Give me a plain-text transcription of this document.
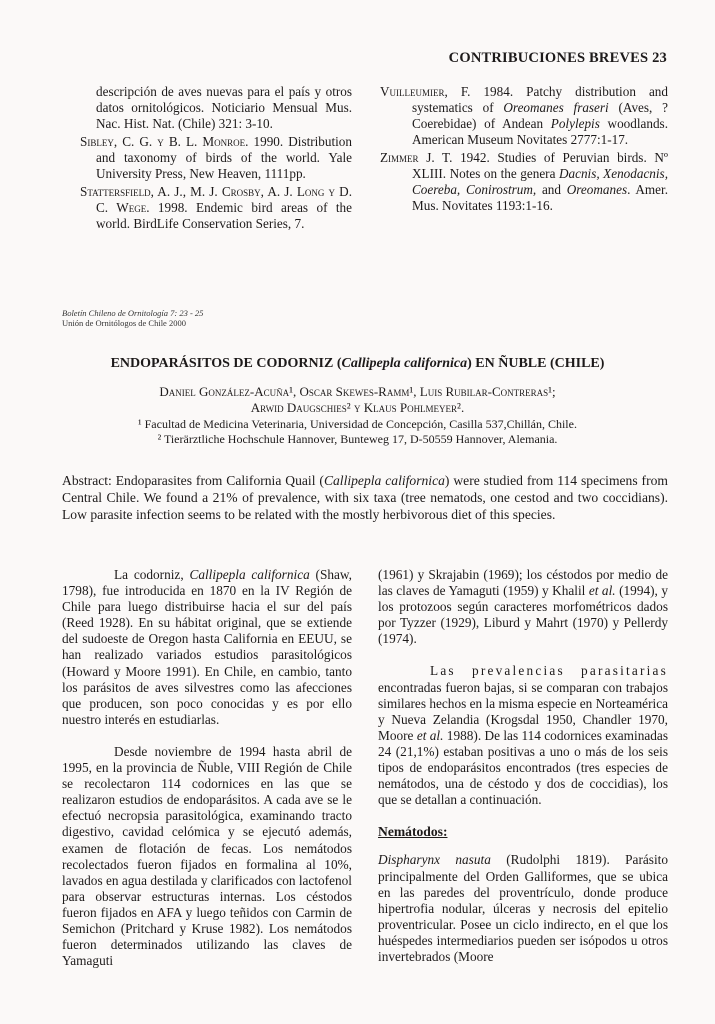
CONTRIBUCIONES BREVES 23

descripción de aves nuevas para el país y otros datos ornitológicos. Noticiario Mensual Mus. Nac. Hist. Nat. (Chile) 321: 3-10.

Sibley, C. G. y B. L. Monroe. 1990. Distribution and taxonomy of birds of the world. Yale University Press, New Heaven, 1111pp.

Stattersfield, A. J., M. J. Crosby, A. J. Long y D. C. Wege. 1998. Endemic bird areas of the world. BirdLife Conservation Series, 7.

Vuilleumier, F. 1984. Patchy distribution and systematics of Oreomanes fraseri (Aves, ?Coerebidae) of Andean Polylepis woodlands. American Museum Novitates 2777:1-17.

Zimmer J. T. 1942. Studies of Peruvian birds. Nº XLIII. Notes on the genera Dacnis, Xenodacnis, Coereba, Conirostrum, and Oreomanes. Amer. Mus. Novitates 1193:1-16.

Boletín Chileno de Ornitología 7: 23 - 25
Unión de Ornitólogos de Chile 2000
ENDOPARÁSITOS DE CODORNIZ (Callipepla californica) EN ÑUBLE (CHILE)
Daniel González-Acuña¹, Oscar Skewes-Ramm¹, Luis Rubilar-Contreras¹;
Arwid Daugschies² y Klaus Pohlmeyer².
¹ Facultad de Medicina Veterinaria, Universidad de Concepción, Casilla 537,Chillán, Chile.
² Tierärztliche Hochschule Hannover, Bunteweg 17, D-50559 Hannover, Alemania.
Abstract: Endoparasites from California Quail (Callipepla californica) were studied from 114 specimens from Central Chile. We found a 21% of prevalence, with six taxa (tree nematods, one cestod and two coccidians). Low parasite infection seems to be related with the mostly herbivorous diet of this species.

La codorniz, Callipepla californica (Shaw, 1798), fue introducida en 1870 en la IV Región de Chile para luego distribuirse hacia el sur del país (Reed 1928). En su hábitat original, que se extiende del sudoeste de Oregon hasta California en EEUU, se han realizado variados estudios parasitológicos (Howard y Moore 1991). En Chile, en cambio, tanto los parásitos de aves silvestres como las afecciones que producen, son poco conocidas y es por ello nuestro interés en estudiarlas.

Desde noviembre de 1994 hasta abril de 1995, en la provincia de Ñuble, VIII Región de Chile se recolectaron 114 codornices en las que se realizaron estudios de endoparásitos. A cada ave se le efectuó necropsia parasitológica, examinando tracto digestivo, cavidad celómica y se ejecutó además, examen de flotación de fecas. Los nemátodos recolectados fueron fijados en formalina al 10%, lavados en agua destilada y clarificados con lactofenol para observar estructuras internas. Los céstodos fueron fijados en AFA y luego teñidos con Carmin de Semichon (Pritchard y Kruse 1982). Los nemátodos fueron determinados utilizando las claves de Yamaguti

(1961) y Skrajabin (1969); los céstodos por medio de las claves de Yamaguti (1959) y Khalil et al. (1994), y los protozoos según caracteres morfométricos dados por Tyzzer (1929), Liburd y Mahrt (1970) y Pellerdy (1974).

Las prevalencias parasitarias encontradas fueron bajas, si se comparan con trabajos similares hechos en la misma especie en Norteamérica y Nueva Zelandia (Krogsdal 1950, Chandler 1970, Moore et al. 1988). De las 114 codornices examinadas 24 (21,1%) estaban positivas a uno o más de los seis tipos de endoparásitos encontrados (tres especies de nemátodos, una de céstodo y dos de coccidias), los que se detallan a continuación.

Nemátodos:

Dispharynx nasuta (Rudolphi 1819). Parásito principalmente del Orden Galliformes, que se ubica en las paredes del proventrículo, donde produce hipertrofia nodular, úlceras y necrosis del epitelio proventricular. Posee un ciclo indirecto, en el que los huéspedes intermediarios pueden ser isópodos u otros invertebrados (Moore
